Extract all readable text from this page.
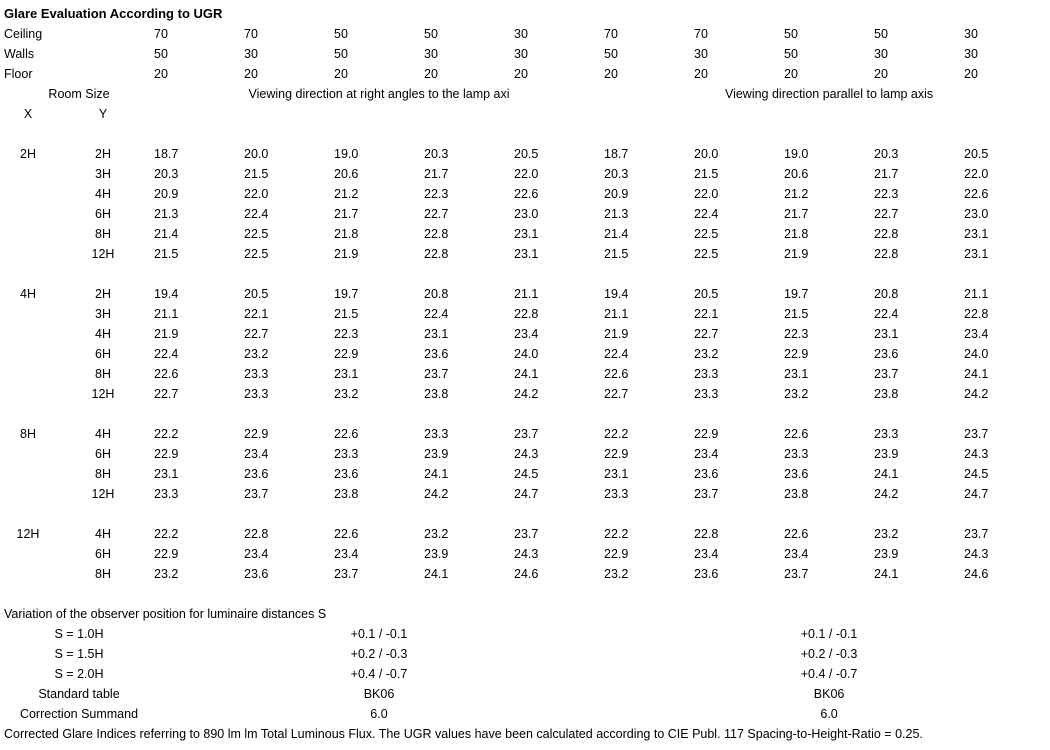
Glare Evaluation According to UGR											
Ceiling		70	70	50	50	30	70	70	50	50	30
Walls		50	30	50	30	30	50	30	50	30	30
Floor		20	20	20	20	20	20	20	20	20	20
Room Size		Viewing direction at right angles to the lamp axi					Viewing direction parallel to lamp axis				
X	Y										

2H	2H	18.7	20.0	19.0	20.3	20.5	18.7	20.0	19.0	20.3	20.5
	3H	20.3	21.5	20.6	21.7	22.0	20.3	21.5	20.6	21.7	22.0
	4H	20.9	22.0	21.2	22.3	22.6	20.9	22.0	21.2	22.3	22.6
	6H	21.3	22.4	21.7	22.7	23.0	21.3	22.4	21.7	22.7	23.0
	8H	21.4	22.5	21.8	22.8	23.1	21.4	22.5	21.8	22.8	23.1
	12H	21.5	22.5	21.9	22.8	23.1	21.5	22.5	21.9	22.8	23.1

4H	2H	19.4	20.5	19.7	20.8	21.1	19.4	20.5	19.7	20.8	21.1
	3H	21.1	22.1	21.5	22.4	22.8	21.1	22.1	21.5	22.4	22.8
	4H	21.9	22.7	22.3	23.1	23.4	21.9	22.7	22.3	23.1	23.4
	6H	22.4	23.2	22.9	23.6	24.0	22.4	23.2	22.9	23.6	24.0
	8H	22.6	23.3	23.1	23.7	24.1	22.6	23.3	23.1	23.7	24.1
	12H	22.7	23.3	23.2	23.8	24.2	22.7	23.3	23.2	23.8	24.2

8H	4H	22.2	22.9	22.6	23.3	23.7	22.2	22.9	22.6	23.3	23.7
	6H	22.9	23.4	23.3	23.9	24.3	22.9	23.4	23.3	23.9	24.3
	8H	23.1	23.6	23.6	24.1	24.5	23.1	23.6	23.6	24.1	24.5
	12H	23.3	23.7	23.8	24.2	24.7	23.3	23.7	23.8	24.2	24.7

12H	4H	22.2	22.8	22.6	23.2	23.7	22.2	22.8	22.6	23.2	23.7
	6H	22.9	23.4	23.4	23.9	24.3	22.9	23.4	23.4	23.9	24.3
	8H	23.2	23.6	23.7	24.1	24.6	23.2	23.6	23.7	24.1	24.6

Variation of the observer position for luminaire distances S											
S = 1.0H		+0.1 / -0.1					+0.1 / -0.1				
S = 1.5H		+0.2 / -0.3					+0.2 / -0.3				
S = 2.0H		+0.4 / -0.7					+0.4 / -0.7				
Standard table		BK06					BK06				
Correction Summand		6.0					6.0				
Corrected Glare Indices referring to 890 lm lm Total Luminous Flux. The UGR values have been calculated according to CIE Publ. 117 Spacing-to-Height-Ratio = 0.25.											
